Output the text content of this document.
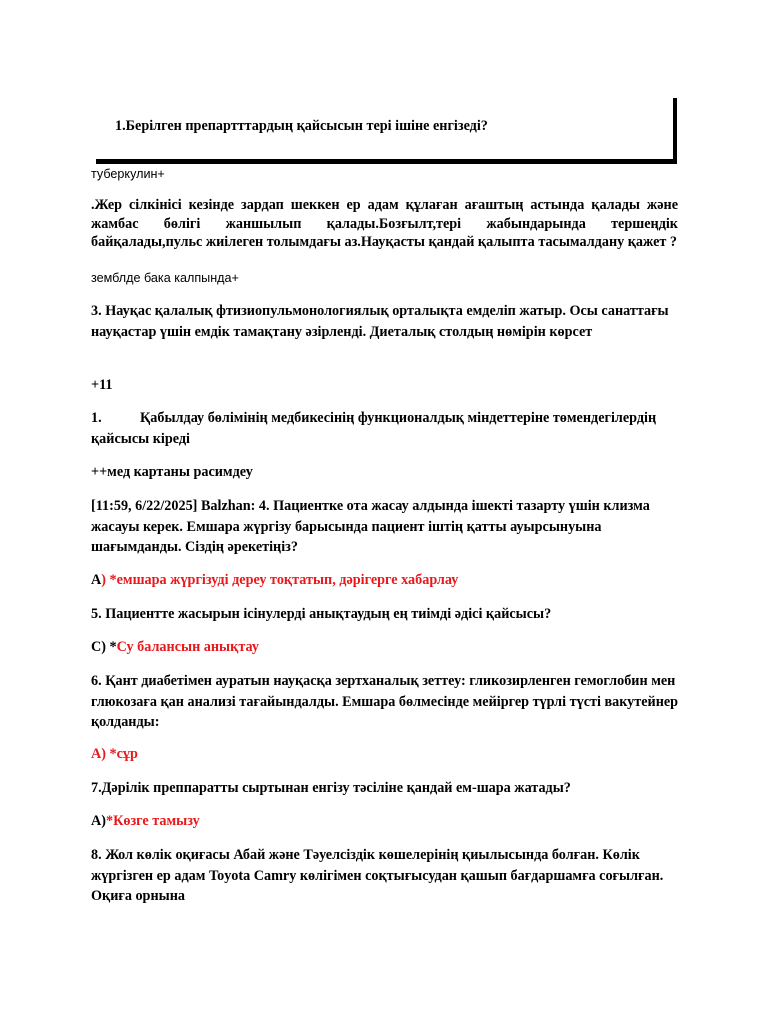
1.Берілген препартттардың қайсысын тері ішіне енгізеді?

туберкулин+

.Жер сілкінісі кезінде зардап шеккен ер адам құлаған ағаштың астында қалады және жамбас бөлігі жаншылып қалады.Бозғылт,тері жабындарында тершеңдік байқалады,пульс жиілеген толымдағы аз.Науқасты қандай қалыпта тасымалдану қажет ?

земблде бака калпында+

3. Науқас қалалық фтизиопульмонологиялық орталықта емделіп жатыр. Осы санаттағы науқастар үшін емдік тамақтану әзірленді. Диеталық столдың нөмірін көрсет

+11

1.	Қабылдау бөлімінің медбикесінің функционалдық міндеттеріне төмендегілердің қайсысы кіреді

++мед картаны расимдеу

[11:59, 6/22/2025] Balzhan: 4. Пациентке ота жасау алдында ішекті тазарту үшін клизма жасауы керек. Емшара жүргізу барысында пациент іштің қатты ауырсынуына шағымданды. Сіздің әрекетіңіз?

A) *емшара жүргізуді дереу тоқтатып, дәрігерге хабарлау

5. Пациентте жасырын ісінулерді анықтаудың ең тиімді әдісі қайсысы?

C) *Су балансын анықтау

6. Қант диабетімен ауратын науқасқа зертханалық зеттеу: гликозирленген гемоглобин мен глюкозаға қан анализі тағайындалды. Емшара бөлмесінде мейіргер түрлі түсті вакутейнер қолданды:

А) *сұр

7.Дәрілік преппаратты сыртынан енгізу тәсіліне қандай ем-шара жатады?

А)*Көзге тамызу

8. Жол көлік оқиғасы Абай және Тәуелсіздік көшелерінің қиылысында болған. Көлік жүргізген ер адам Toyota Camry көлігімен соқтығысудан қашып бағдаршамға соғылған. Оқиға орнына
